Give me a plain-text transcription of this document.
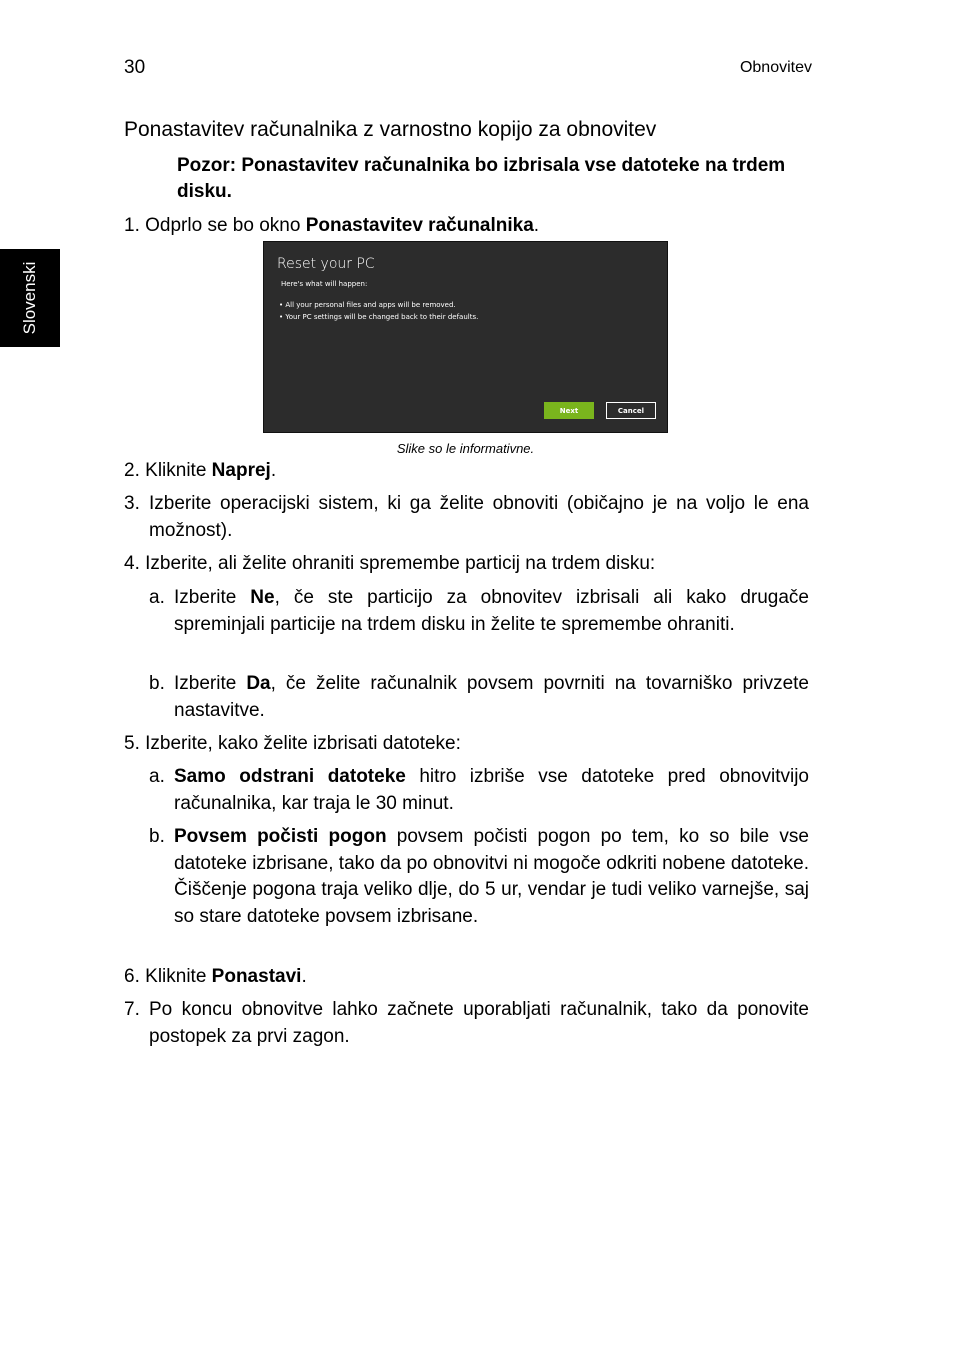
30	Obnovitev
Slovenski
Ponastavitev računalnika z varnostno kopijo za obnovitev
Pozor: Ponastavitev računalnika bo izbrisala vse datoteke na trdem disku.
1. Odprlo se bo okno Ponastavitev računalnika.
Reset your PC
Here's what will happen:
• All your personal files and apps will be removed.
• Your PC settings will be changed back to their defaults.
Next	Cancel
Slike so le informativne.
2. Kliknite Naprej.
3. Izberite operacijski sistem, ki ga želite obnoviti (običajno je na voljo le ena možnost).
4. Izberite, ali želite ohraniti spremembe particij na trdem disku:
a. Izberite Ne, če ste particijo za obnovitev izbrisali ali kako drugače spreminjali particije na trdem disku in želite te spremembe ohraniti.
b. Izberite Da, če želite računalnik povsem povrniti na tovarniško privzete nastavitve.
5. Izberite, kako želite izbrisati datoteke:
a. Samo odstrani datoteke hitro izbriše vse datoteke pred obnovitvijo računalnika, kar traja le 30 minut.
b. Povsem počisti pogon povsem počisti pogon po tem, ko so bile vse datoteke izbrisane, tako da po obnovitvi ni mogoče odkriti nobene datoteke. Čiščenje pogona traja veliko dlje, do 5 ur, vendar je tudi veliko varnejše, saj so stare datoteke povsem izbrisane.
6. Kliknite Ponastavi.
7. Po koncu obnovitve lahko začnete uporabljati računalnik, tako da ponovite postopek za prvi zagon.
